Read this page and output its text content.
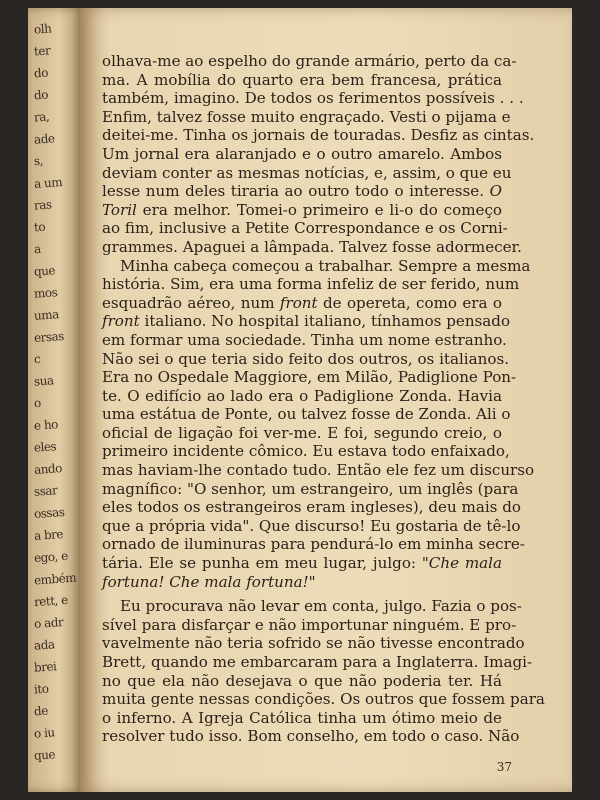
olh
ter
do
do
ra,
ade
s,
a um
ras
to
a
que
mos
uma
ersas
c
sua
o
e ho
eles
ando
ssar
ossas
a bre
ego, e
embém
rett, e
o adr
ada
brei
ito
de
o iu
que
olhava-me ao espelho do grande armário, perto da ca-
ma. A mobília do quarto era bem francesa, prática
também, imagino. De todos os ferimentos possíveis . . .
Enfim, talvez fosse muito engraçado. Vesti o pijama e
deitei-me. Tinha os jornais de touradas. Desfiz as cintas.
Um jornal era alaranjado e o outro amarelo. Ambos
deviam conter as mesmas notícias, e, assim, o que eu
lesse num deles tiraria ao outro todo o interesse. O
Toril era melhor. Tomei-o primeiro e li-o do começo
ao fim, inclusive a Petite Correspondance e os Corni-
grammes. Apaguei a lâmpada. Talvez fosse adormecer.
Minha cabeça começou a trabalhar. Sempre a mesma
história. Sim, era uma forma infeliz de ser ferido, num
esquadrão aéreo, num front de opereta, como era o
front italiano. No hospital italiano, tínhamos pensado
em formar uma sociedade. Tinha um nome estranho.
Não sei o que teria sido feito dos outros, os italianos.
Era no Ospedale Maggiore, em Milão, Padiglione Pon-
te. O edifício ao lado era o Padiglione Zonda. Havia
uma estátua de Ponte, ou talvez fosse de Zonda. Ali o
oficial de ligação foi ver-me. E foi, segundo creio, o
primeiro incidente cômico. Eu estava todo enfaixado,
mas haviam-lhe contado tudo. Então ele fez um discurso
magnífico: "O senhor, um estrangeiro, um inglês (para
eles todos os estrangeiros eram ingleses), deu mais do
que a própria vida". Que discurso! Eu gostaria de tê-lo
ornado de iluminuras para pendurá-lo em minha secre-
tária. Ele se punha em meu lugar, julgo: "Che mala
fortuna! Che mala fortuna!"
Eu procurava não levar em conta, julgo. Fazia o pos-
sível para disfarçar e não importunar ninguém. E pro-
vavelmente não teria sofrido se não tivesse encontrado
Brett, quando me embarcaram para a Inglaterra. Imagi-
no que ela não desejava o que não poderia ter. Há
muita gente nessas condições. Os outros que fossem para
o inferno. A Igreja Católica tinha um ótimo meio de
resolver tudo isso. Bom conselho, em todo o caso. Não
37
